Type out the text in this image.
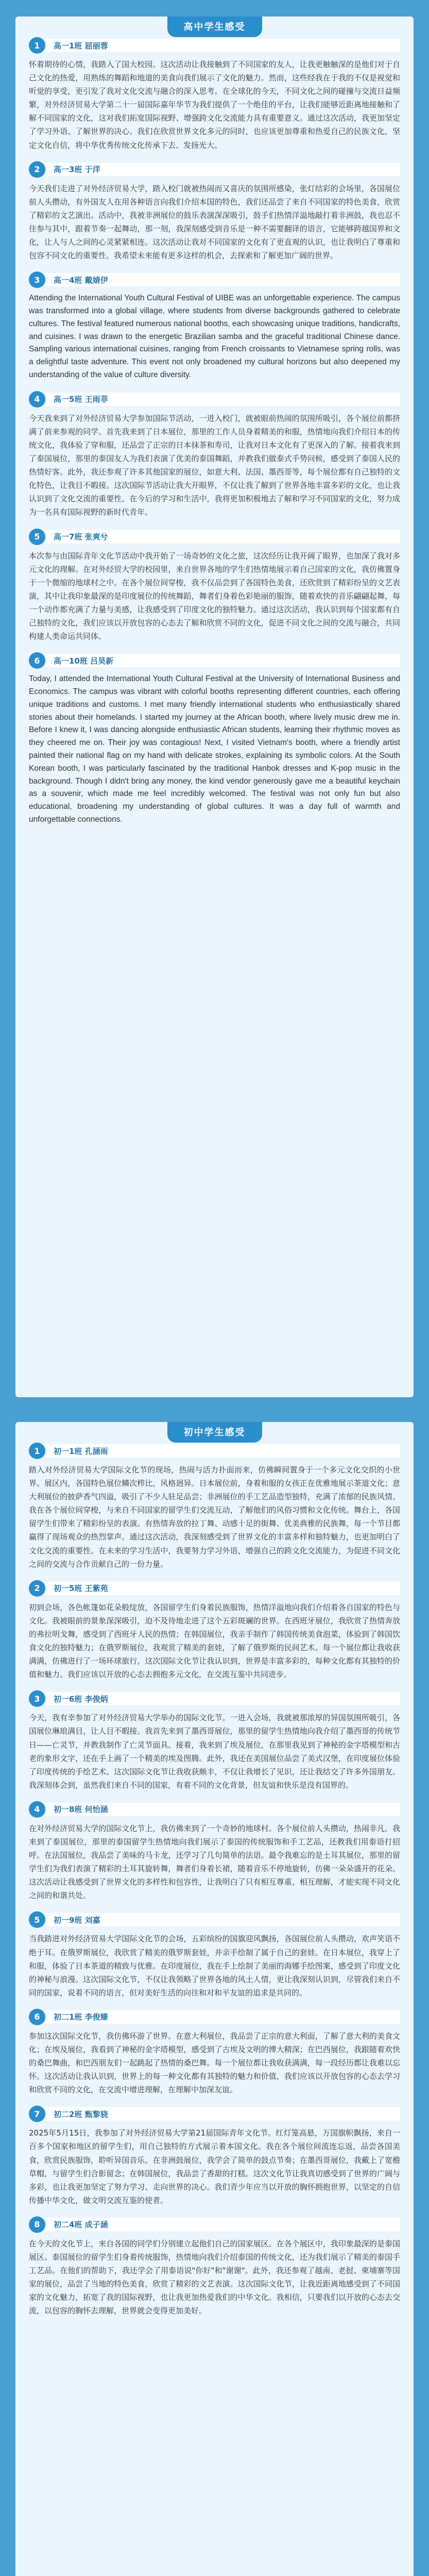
高中学生感受
1	高一1班 屈丽蓉
怀着期待的心情，我踏入了国大校园。这次活动让我接触到了不同国家的友人，让我更触触深的是他们对于自己文化的热爱，用熟练的舞蹈和地道的美食向我们展示了文化的魅力。然而，这些经我在于我的不仅是视觉和听觉的享受，更引发了我对文化交流与融合的深入思考。在全球化的今天，不同文化之间的碰撞与交流日益频繁，对外经济贸易大学第二十一届国际嘉年华节为我们提供了一个绝佳的平台，让我们能够近距离地接触和了解不同国家的文化，这对我们拓宽国际视野、增强跨文化交流能力具有重要意义。通过这次活动，我更加坚定了学习外语、了解世界的决心。我们在欣赏世界文化多元的同时，也应该更加尊重和热爱自己的民族文化，坚定文化自信，将中华优秀传统文化传承下去、发扬光大。
2	高一3班 于洋
今天我们走进了对外经济贸易大学，踏入校门就被热闹而又喜庆的氛围所感染，张灯结彩的会场里，各国展位前人头攒动，有外国友人在用各种语言向我们介绍本国的特色，我们还品尝了来自不同国家的特色美食，欣赏了精彩的文艺演出。活动中，我被非洲展位的鼓乐表演深深吸引，鼓手们热情洋溢地敲打着非洲鼓，我也忍不住参与其中，跟着节奏一起舞动，那一刻，我深刻感受到音乐是一种不需要翻译的语言，它能够跨越国界和文化，让人与人之间的心灵紧紧相连。这次活动让我对不同国家的文化有了更直观的认识，也让我明白了尊重和包容不同文化的重要性。我希望未来能有更多这样的机会，去探索和了解更加广阔的世界。
3	高一4班 戴婧伊
Attending the International Youth Cultural Festival of UIBE was an unforgettable experience. The campus was transformed into a global village, where students from diverse backgrounds gathered to celebrate cultures. The festival featured numerous national booths, each showcasing unique traditions, handicrafts, and cuisines. I was drawn to the energetic Brazilian samba and the graceful traditional Chinese dance. Sampling various international cuisines, ranging from French croissants to Vietnamese spring rolls, was a delightful taste adventure. This event not only broadened my cultural horizons but also deepened my understanding of the value of culture diversity.
4	高一5班 王雨菲
今天我来到了对外经济贸易大学参加国际节活动，一进入校门，就被眼前热闹的氛围所吸引，各个展位前都挤满了前来参观的同学。首先我来到了日本展位，那里的工作人员身着精美的和服，热情地向我们介绍日本的传统文化，我体验了穿和服，还品尝了正宗的日本抹茶和寿司，让我对日本文化有了更深入的了解。接着我来到了泰国展位，那里的泰国友人为我们表演了优美的泰国舞蹈，并教我们做泰式手势问候，感受到了泰国人民的热情好客。此外，我还参观了许多其他国家的展位，如意大利、法国、墨西哥等，每个展位都有自己独特的文化特色，让我目不暇接。这次国际节活动让我大开眼界，不仅让我了解到了世界各地丰富多彩的文化，也让我认识到了文化交流的重要性。在今后的学习和生活中，我将更加积极地去了解和学习不同国家的文化，努力成为一名具有国际视野的新时代青年。
5	高一7班 张爽兮
本次参与由国际青年文化节活动中我开始了一场奇妙的文化之旅，这次经历让我开阔了眼界，也加深了我对多元文化的理解。在对外经贸大学的校园里，来自世界各地的学生们热情地展示着自己国家的文化，我仿佛置身于一个微缩的地球村之中。在各个展位间穿梭，我不仅品尝到了各国特色美食，还欣赏到了精彩纷呈的文艺表演，其中让我印象最深的是印度展位的传统舞蹈，舞者们身着色彩艳丽的服饰，随着欢快的音乐翩翩起舞，每一个动作都充满了力量与美感，让我感受到了印度文化的独特魅力。通过这次活动，我认识到每个国家都有自己独特的文化，我们应该以开放包容的心态去了解和欣赏不同的文化，促进不同文化之间的交流与融合，共同构建人类命运共同体。
6	高一10班 吕昊新
Today, I attended the International Youth Cultural Festival at the University of International Business and Economics. The campus was vibrant with colorful booths representing different countries, each offering unique traditions and customs. I met many friendly international students who enthusiastically shared stories about their homelands. I started my journey at the African booth, where lively music drew me in. Before I knew it, I was dancing alongside enthusiastic African students, learning their rhythmic moves as they cheered me on. Their joy was contagious! Next, I visited Vietnam's booth, where a friendly artist painted their national flag on my hand with delicate strokes, explaining its symbolic colors. At the South Korean booth, I was particularly fascinated by the traditional Hanbok dresses and K-pop music in the background. Though I didn't bring any money, the kind vendor generously gave me a beautiful keychain as a souvenir, which made me feel incredibly welcomed. The festival was not only fun but also educational, broadening my understanding of global cultures. It was a day full of warmth and unforgettable connections.
初中学生感受
1	初一1班 孔涵雨
踏入对外经济贸易大学国际文化节的现场，热闹与活力扑面而来，仿佛瞬间置身于一个多元文化交织的小世界。展区内，各国特色展位鳞次栉比，风格迥异。日本展位前，身着和服的女孩正在优雅地展示茶道文化；意大利展位的披萨香气四溢，吸引了不少人驻足品尝；非洲展位的手工艺品造型独特，充满了浓郁的民族风情。我在各个展位间穿梭，与来自不同国家的留学生们交流互动，了解他们的风俗习惯和文化传统。舞台上，各国留学生们带来了精彩纷呈的表演。有热情奔放的拉丁舞、动感十足的街舞、优美典雅的民族舞，每一个节目都赢得了现场观众的热烈掌声。通过这次活动，我深刻感受到了世界文化的丰富多样和独特魅力，也更加明白了文化交流的重要性。在未来的学习生活中，我要努力学习外语，增强自己的跨文化交流能力，为促进不同文化之间的交流与合作贡献自己的一份力量。
2	初一5班 王紫苑
初到会场，各色帐篷如花朵般绽放，各国留学生们身着民族服饰，热情洋溢地向我们介绍着各自国家的特色与文化。我被眼前的景象深深吸引，迫不及待地走进了这个五彩斑斓的世界。在西班牙展位，我欣赏了热情奔放的弗拉明戈舞，感受到了西班牙人民的热情；在韩国展位，我亲手制作了韩国传统美食泡菜，体验到了韩国饮食文化的独特魅力；在俄罗斯展位，我观赏了精美的套娃，了解了俄罗斯的民间艺术。每一个展位都让我收获满满，仿佛进行了一场环球旅行。这次国际文化节让我认识到，世界是丰富多彩的，每种文化都有其独特的价值和魅力。我们应该以开放的心态去拥抱多元文化，在交流互鉴中共同进步。
3	初一6班 李俊炳
今天，我有幸参加了对外经济贸易大学举办的国际文化节。一进入会场，我就被那浓厚的异国氛围所吸引，各国展位琳琅满目，让人目不暇接。我首先来到了墨西哥展位，那里的留学生热情地向我介绍了墨西哥的传统节日——亡灵节，并教我制作了亡灵节面具。接着，我来到了埃及展位，在那里我见到了神秘的金字塔模型和古老的象形文字，还在手上画了一个精美的埃及图腾。此外，我还在美国展位品尝了美式汉堡，在印度展位体验了印度传统的手绘艺术。这次国际文化节让我收获颇丰，不仅让我增长了见识，还让我结交了许多外国朋友。我深刻体会到，虽然我们来自不同的国家，有着不同的文化背景，但友谊和快乐是没有国界的。
4	初一8班 何怡涵
在对外经济贸易大学的国际文化节上，我仿佛来到了一个奇妙的地球村。各个展位前人头攒动，热闹非凡。我来到了泰国展位，那里的泰国留学生热情地向我们展示了泰国的传统服饰和手工艺品，还教我们用泰语打招呼。在法国展位，我品尝了美味的马卡龙，还学习了几句简单的法语。最令我难忘的是土耳其展位，那里的留学生们为我们表演了精彩的土耳其旋转舞，舞者们身着长裙，随着音乐不停地旋转，仿佛一朵朵盛开的花朵。这次活动让我感受到了世界文化的多样性和包容性，让我明白了只有相互尊重、相互理解，才能实现不同文化之间的和谐共处。
5	初一9班 刘嘉
当我踏进对外经济贸易大学国际文化节的会场，五彩缤纷的国旗迎风飘扬，各国展位前人头攒动，欢声笑语不绝于耳。在俄罗斯展位，我欣赏了精美的俄罗斯套娃，并亲手绘制了属于自己的套娃。在日本展位，我穿上了和服，体验了日本茶道的精致与优雅。在印度展位，我在手上绘制了美丽的海娜手绘图案，感受到了印度文化的神秘与浪漫。这次国际文化节，不仅让我领略了世界各地的风土人情，更让我深刻认识到，尽管我们来自不同的国家，说着不同的语言，但对美好生活的向往和对和平友谊的追求是共同的。
6	初二1班 李俊臻
参加这次国际文化节，我仿佛环游了世界。在意大利展位，我品尝了正宗的意大利面，了解了意大利的美食文化；在埃及展位，我看到了神秘的金字塔模型，感受到了古埃及文明的博大精深；在巴西展位，我跟随着欢快的桑巴舞曲，和巴西朋友们一起跳起了热情的桑巴舞。每一个展位都让我收获满满，每一段经历都让我难以忘怀。这次活动让我认识到，世界上的每一种文化都有其独特的魅力和价值，我们应该以开放包容的心态去学习和欣赏不同的文化，在交流中增进理解，在理解中加深友谊。
7	初二2班 甄黎骁
2025年5月15日，我参加了对外经济贸易大学第21届国际青年文化节。红灯笼高悬，万国旗帜飘扬，来自一百多个国家和地区的留学生们，用自己独特的方式展示着本国文化。我在各个展位间流连忘返，品尝各国美食，欣赏民族服饰，聆听异国音乐。在非洲鼓展位，我学会了简单的鼓点节奏；在墨西哥展位，我戴上了宽檐草帽，与留学生们合影留念；在韩国展位，我品尝了香甜的打糕。这次文化节让我真切感受到了世界的广阔与多彩，也让我更加坚定了努力学习、走向世界的决心。我们青少年应当以开放的胸怀拥抱世界，以坚定的自信传播中华文化，做文明交流互鉴的使者。
8	初二4班 成子涵
在今天的文化节上，来自各国的同学们分别建立起他们自己的国家展区。在各个展区中，我印象最深的是泰国展区。泰国展位的留学生们身着传统服饰，热情地向我们介绍泰国的传统文化，还为我们展示了精美的泰国手工艺品。在他们的帮助下，我还学会了用泰语说"你好"和"谢谢"。此外，我还参观了越南、老挝、柬埔寨等国家的展位，品尝了当地的特色美食，欣赏了精彩的文艺表演。这次国际文化节，让我近距离地感受到了不同国家的文化魅力，拓宽了我的国际视野，也让我更加热爱我们的中华文化。我相信，只要我们以开放的心态去交流，以包容的胸怀去理解，世界就会变得更加美好。
